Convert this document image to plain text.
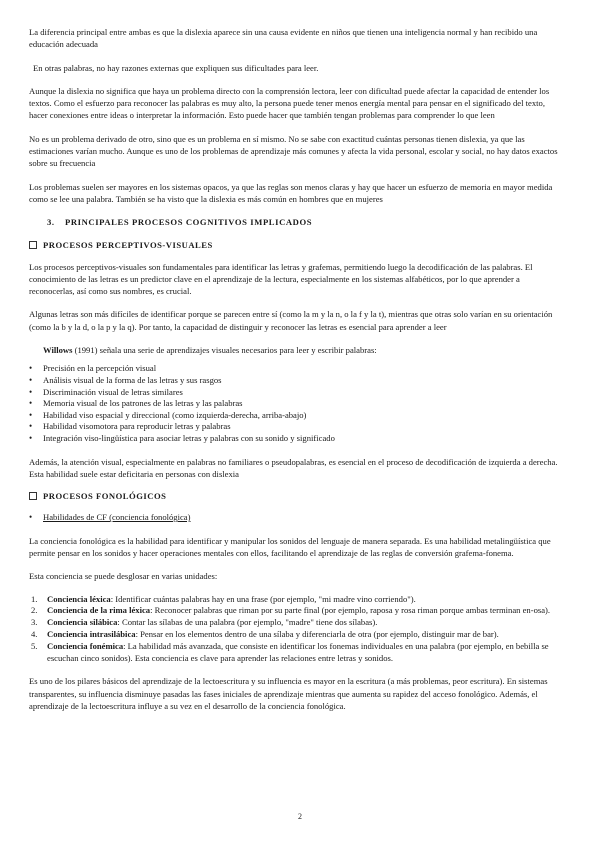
La diferencia principal entre ambas es que la dislexia aparece sin una causa evidente en niños que tienen una inteligencia normal y han recibido una educación adecuada

En otras palabras, no hay razones externas que expliquen sus dificultades para leer.

Aunque la dislexia no significa que haya un problema directo con la comprensión lectora, leer con dificultad puede afectar la capacidad de entender los textos. Como el esfuerzo para reconocer las palabras es muy alto, la persona puede tener menos energía mental para pensar en el significado del texto, hacer conexiones entre ideas o interpretar la información. Esto puede hacer que también tengan problemas para comprender lo que leen

No es un problema derivado de otro, sino que es un problema en sí mismo. No se sabe con exactitud cuántas personas tienen dislexia, ya que las estimaciones varían mucho. Aunque es uno de los problemas de aprendizaje más comunes y afecta la vida personal, escolar y social, no hay datos exactos sobre su frecuencia

Los problemas suelen ser mayores en los sistemas opacos, ya que las reglas son menos claras y hay que hacer un esfuerzo de memoria en mayor medida como se lee una palabra. También se ha visto que la dislexia es más común en hombres que en mujeres

3. PRINCIPALES PROCESOS COGNITIVOS IMPLICADOS

PROCESOS PERCEPTIVOS-VISUALES

Los procesos perceptivos-visuales son fundamentales para identificar las letras y grafemas, permitiendo luego la decodificación de las palabras. El conocimiento de las letras es un predictor clave en el aprendizaje de la lectura, especialmente en los sistemas alfabéticos, por lo que aprender a reconocerlas, así como sus nombres, es crucial.

Algunas letras son más difíciles de identificar porque se parecen entre sí (como la m y la n, o la f y la t), mientras que otras solo varían en su orientación (como la b y la d, o la p y la q). Por tanto, la capacidad de distinguir y reconocer las letras es esencial para aprender a leer

Willows (1991) señala una serie de aprendizajes visuales necesarios para leer y escribir palabras:

• Precisión en la percepción visual
• Análisis visual de la forma de las letras y sus rasgos
• Discriminación visual de letras similares
• Memoria visual de los patrones de las letras y las palabras
• Habilidad viso espacial y direccional (como izquierda-derecha, arriba-abajo)
• Habilidad visomotora para reproducir letras y palabras
• Integración viso-lingüística para asociar letras y palabras con su sonido y significado

Además, la atención visual, especialmente en palabras no familiares o pseudopalabras, es esencial en el proceso de decodificación de izquierda a derecha. Esta habilidad suele estar deficitaria en personas con dislexia

PROCESOS FONOLÓGICOS
• Habilidades de CF (conciencia fonológica)

La conciencia fonológica es la habilidad para identificar y manipular los sonidos del lenguaje de manera separada. Es una habilidad metalingüística que permite pensar en los sonidos y hacer operaciones mentales con ellos, facilitando el aprendizaje de las reglas de conversión grafema-fonema.

Esta conciencia se puede desglosar en varias unidades:

1. Conciencia léxica: Identificar cuántas palabras hay en una frase (por ejemplo, "mi madre vino corriendo").
2. Conciencia de la rima léxica: Reconocer palabras que riman por su parte final (por ejemplo, raposa y rosa riman porque ambas terminan en-osa).
3. Conciencia silábica: Contar las sílabas de una palabra (por ejemplo, "madre" tiene dos sílabas).
4. Conciencia intrasilábica: Pensar en los elementos dentro de una sílaba y diferenciarla de otra (por ejemplo, distinguir mar de bar).
5. Conciencia fonémica: La habilidad más avanzada, que consiste en identificar los fonemas individuales en una palabra (por ejemplo, en bebilla se escuchan cinco sonidos). Esta conciencia es clave para aprender las relaciones entre letras y sonidos.

Es uno de los pilares básicos del aprendizaje de la lectoescritura y su influencia es mayor en la escritura (a más problemas, peor escritura). En sistemas transparentes, su influencia disminuye pasadas las fases iniciales de aprendizaje mientras que aumenta su rapidez del acceso fonológico. Además, el aprendizaje de la lectoescritura influye a su vez en el desarrollo de la conciencia fonológica.

2
